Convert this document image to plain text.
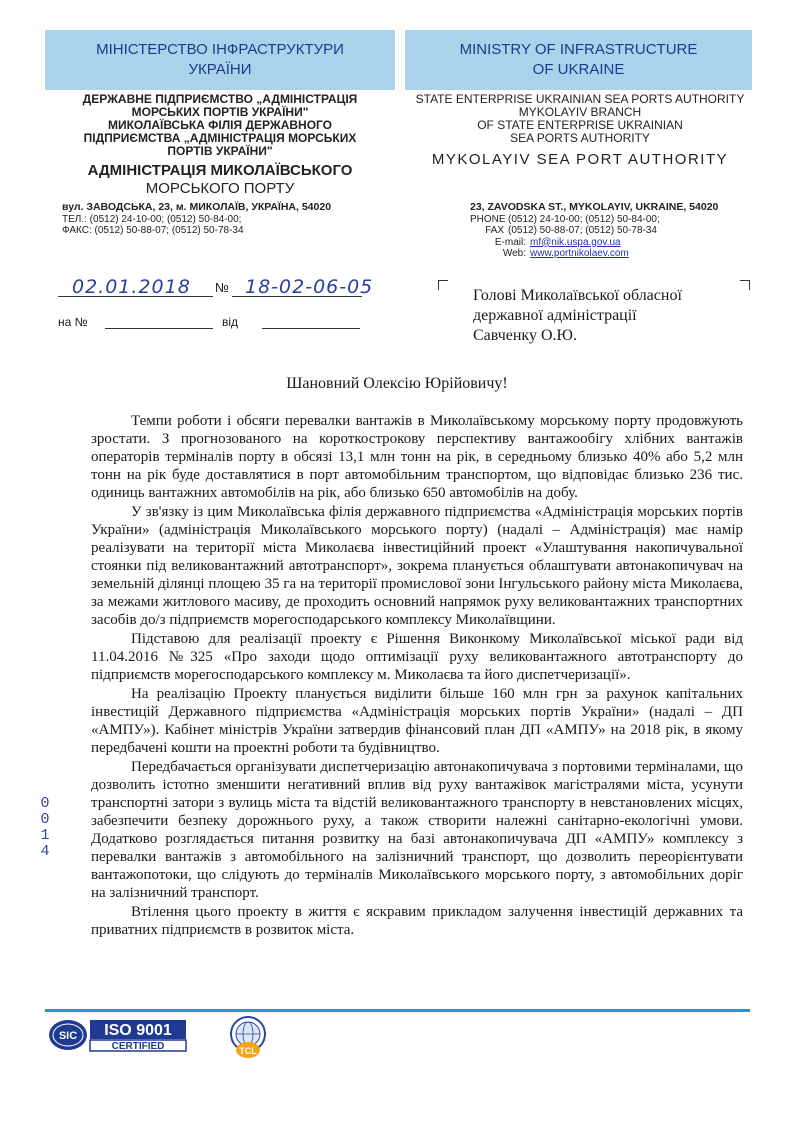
МІНІСТЕРСТВО ІНФРАСТРУКТУРИ
УКРАЇНИ
MINISTRY OF INFRASTRUCTURE
OF UKRAINE
ДЕРЖАВНЕ ПІДПРИЄМСТВО „АДМІНІСТРАЦІЯ
МОРСЬКИХ ПОРТІВ УКРАЇНИ"
МИКОЛАЇВСЬКА ФІЛІЯ ДЕРЖАВНОГО
ПІДПРИЄМСТВА „АДМІНІСТРАЦІЯ МОРСЬКИХ
ПОРТІВ УКРАЇНИ"
АДМІНІСТРАЦІЯ МИКОЛАЇВСЬКОГО
МОРСЬКОГО ПОРТУ
STATE ENTERPRISE UKRAINIAN SEA PORTS AUTHORITY
MYKOLAYIV BRANCH
OF STATE ENTERPRISE UKRAINIAN
SEA PORTS AUTHORITY
MYKOLAYIV SEA PORT AUTHORITY
вул. ЗАВОДСЬКА, 23, м. МИКОЛАЇВ, УКРАЇНА, 54020
ТЕЛ.: (0512) 24-10-00; (0512) 50-84-00;
ФАКС: (0512) 50-88-07; (0512) 50-78-34
23, ZAVODSKA ST., MYKOLAYIV, UKRAINE, 54020
PHONE (0512) 24-10-00; (0512) 50-84-00;
FAX (0512) 50-88-07; (0512) 50-78-34
E-mail: mf@nik.uspa.gov.ua
Web: www.portnikolaev.com
02.01.2018 № 18-02-06-05
на №	від
Голові Миколаївської обласної
державної адміністрації
Савченку О.Ю.
Шановний Олексію Юрійовичу!

Темпи роботи і обсяги перевалки вантажів в Миколаївському морському порту продовжують зростати. З прогнозованого на короткострокову перспективу вантажообігу хлібних вантажів операторів терміналів порту в обсязі 13,1 млн тонн на рік, в середньому близько 40% або 5,2 млн тонн на рік буде доставлятися в порт автомобільним транспортом, що відповідає близько 236 тис. одиниць вантажних автомобілів на рік, або близько 650 автомобілів на добу.

У зв'язку із цим Миколаївська філія державного підприємства «Адміністрація морських портів України» (адміністрація Миколаївського морського порту) (надалі – Адміністрація) має намір реалізувати на території міста Миколаєва інвестиційний проект «Улаштування накопичувальної стоянки під великовантажний автотранспорт», зокрема планується облаштувати автонакопичувач на земельній ділянці площею 35 га на території промислової зони Інгульського району міста Миколаєва, за межами житлового масиву, де проходить основний напрямок руху великовантажних транспортних засобів до/з підприємств морегосподарського комплексу Миколаївщини.

Підставою для реалізації проекту є Рішення Виконкому Миколаївської міської ради від 11.04.2016 №325 «Про заходи щодо оптимізації руху великовантажного автотранспорту до підприємств морегосподарського комплексу м. Миколаєва та його диспетчеризації».

На реалізацію Проекту планується виділити більше 160 млн грн за рахунок капітальних інвестицій Державного підприємства «Адміністрація морських портів України» (надалі – ДП «АМПУ»). Кабінет міністрів України затвердив фінансовий план ДП «АМПУ» на 2018 рік, в якому передбачені кошти на проектні роботи та будівництво.

Передбачається організувати диспетчеризацію автонакопичувача з портовими терміналами, що дозволить істотно зменшити негативний вплив від руху вантажівок магістралями міста, усунути транспортні затори з вулиць міста та відстій великовантажного транспорту в невстановлених місцях, забезпечити безпеку дорожнього руху, а також створити належні санітарно-екологічні умови. Додатково розглядається питання розвитку на базі автонакопичувача ДП «АМПУ» комплексу з перевалки вантажів з автомобільного на залізничний транспорт, що дозволить переорієнтувати вантажопотоки, що слідують до терміналів Миколаївського морського порту, з автомобільних доріг на залізничний транспорт.

Втілення цього проекту в життя є яскравим прикладом залучення інвестицій державних та приватних підприємств в розвиток міста.

0
0
1
4
SIC ISO 9001
CERTIFIED	TCL
